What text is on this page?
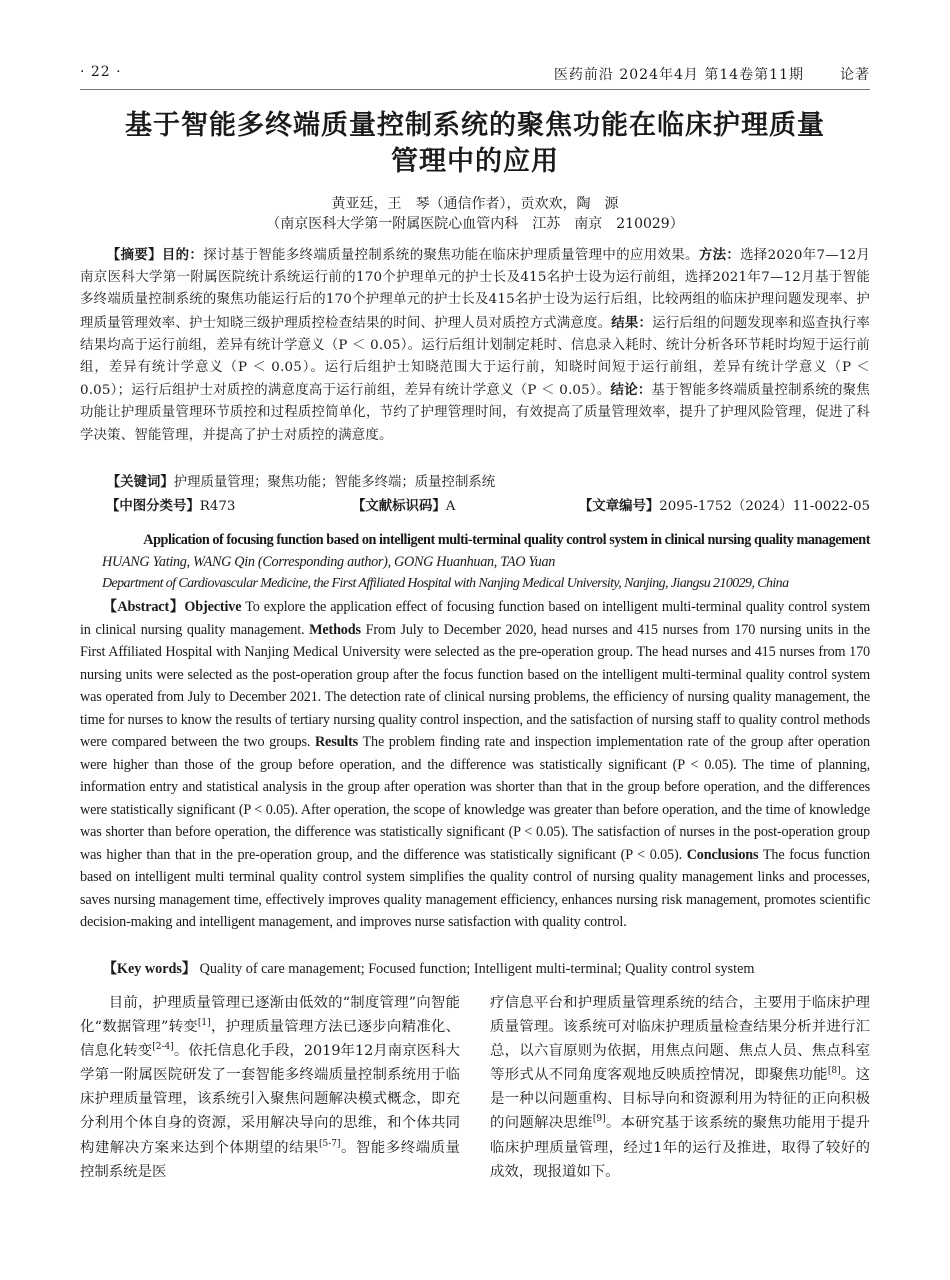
· 22 ·	医药前沿 2024年4月 第14卷第11期	论著
基于智能多终端质量控制系统的聚焦功能在临床护理质量
管理中的应用
黄亚廷，王　琴（通信作者），贡欢欢，陶　源
（南京医科大学第一附属医院心血管内科　江苏　南京　210029）
【摘要】目的：探讨基于智能多终端质量控制系统的聚焦功能在临床护理质量管理中的应用效果。方法：选择2020年7—12月南京医科大学第一附属医院统计系统运行前的170个护理单元的护士长及415名护士设为运行前组，选择2021年7—12月基于智能多终端质量控制系统的聚焦功能运行后的170个护理单元的护士长及415名护士设为运行后组，比较两组的临床护理问题发现率、护理质量管理效率、护士知晓三级护理质控检查结果的时间、护理人员对质控方式满意度。结果：运行后组的问题发现率和巡查执行率结果均高于运行前组，差异有统计学意义（P ＜ 0.05）。运行后组计划制定耗时、信息录入耗时、统计分析各环节耗时均短于运行前组，差异有统计学意义（P ＜ 0.05）。运行后组护士知晓范围大于运行前，知晓时间短于运行前组，差异有统计学意义（P ＜ 0.05）；运行后组护士对质控的满意度高于运行前组，差异有统计学意义（P ＜ 0.05）。结论：基于智能多终端质量控制系统的聚焦功能让护理质量管理环节质控和过程质控简单化，节约了护理管理时间，有效提高了质量管理效率，提升了护理风险管理，促进了科学决策、智能管理，并提高了护士对质控的满意度。
【关键词】护理质量管理；聚焦功能；智能多终端；质量控制系统
【中图分类号】R473	【文献标识码】A	【文章编号】2095-1752（2024）11-0022-05
Application of focusing function based on intelligent multi-terminal quality control system in clinical nursing quality management
HUANG Yating, WANG Qin (Corresponding author), GONG Huanhuan, TAO Yuan
Department of Cardiovascular Medicine, the First Affiliated Hospital with Nanjing Medical University, Nanjing, Jiangsu 210029, China
【Abstract】Objective To explore the application effect of focusing function based on intelligent multi-terminal quality control system in clinical nursing quality management. Methods From July to December 2020, head nurses and 415 nurses from 170 nursing units in the First Affiliated Hospital with Nanjing Medical University were selected as the pre-operation group. The head nurses and 415 nurses from 170 nursing units were selected as the post-operation group after the focus function based on the intelligent multi-terminal quality control system was operated from July to December 2021. The detection rate of clinical nursing problems, the efficiency of nursing quality management, the time for nurses to know the results of tertiary nursing quality control inspection, and the satisfaction of nursing staff to quality control methods were compared between the two groups. Results The problem finding rate and inspection implementation rate of the group after operation were higher than those of the group before operation, and the difference was statistically significant (P < 0.05). The time of planning, information entry and statistical analysis in the group after operation was shorter than that in the group before operation, and the differences were statistically significant (P < 0.05). After operation, the scope of knowledge was greater than before operation, and the time of knowledge was shorter than before operation, the difference was statistically significant (P < 0.05). The satisfaction of nurses in the post-operation group was higher than that in the pre-operation group, and the difference was statistically significant (P < 0.05). Conclusions The focus function based on intelligent multi terminal quality control system simplifies the quality control of nursing quality management links and processes, saves nursing management time, effectively improves quality management efficiency, enhances nursing risk management, promotes scientific decision-making and intelligent management, and improves nurse satisfaction with quality control.
【Key words】 Quality of care management; Focused function; Intelligent multi-terminal; Quality control system
目前，护理质量管理已逐渐由低效的“制度管理”向智能化“数据管理”转变[1]，护理质量管理方法已逐步向精准化、信息化转变[2-4]。依托信息化手段，2019年12月南京医科大学第一附属医院研发了一套智能多终端质量控制系统用于临床护理质量管理，该系统引入聚焦问题解决模式概念，即充分利用个体自身的资源，采用解决导向的思维，和个体共同构建解决方案来达到个体期望的结果[5-7]。智能多终端质量控制系统是医
疗信息平台和护理质量管理系统的结合，主要用于临床护理质量管理。该系统可对临床护理质量检查结果分析并进行汇总，以六盲原则为依据，用焦点问题、焦点人员、焦点科室等形式从不同角度客观地反映质控情况，即聚焦功能[8]。这是一种以问题重构、目标导向和资源利用为特征的正向积极的问题解决思维[9]。本研究基于该系统的聚焦功能用于提升临床护理质量管理，经过1年的运行及推进，取得了较好的成效，现报道如下。
